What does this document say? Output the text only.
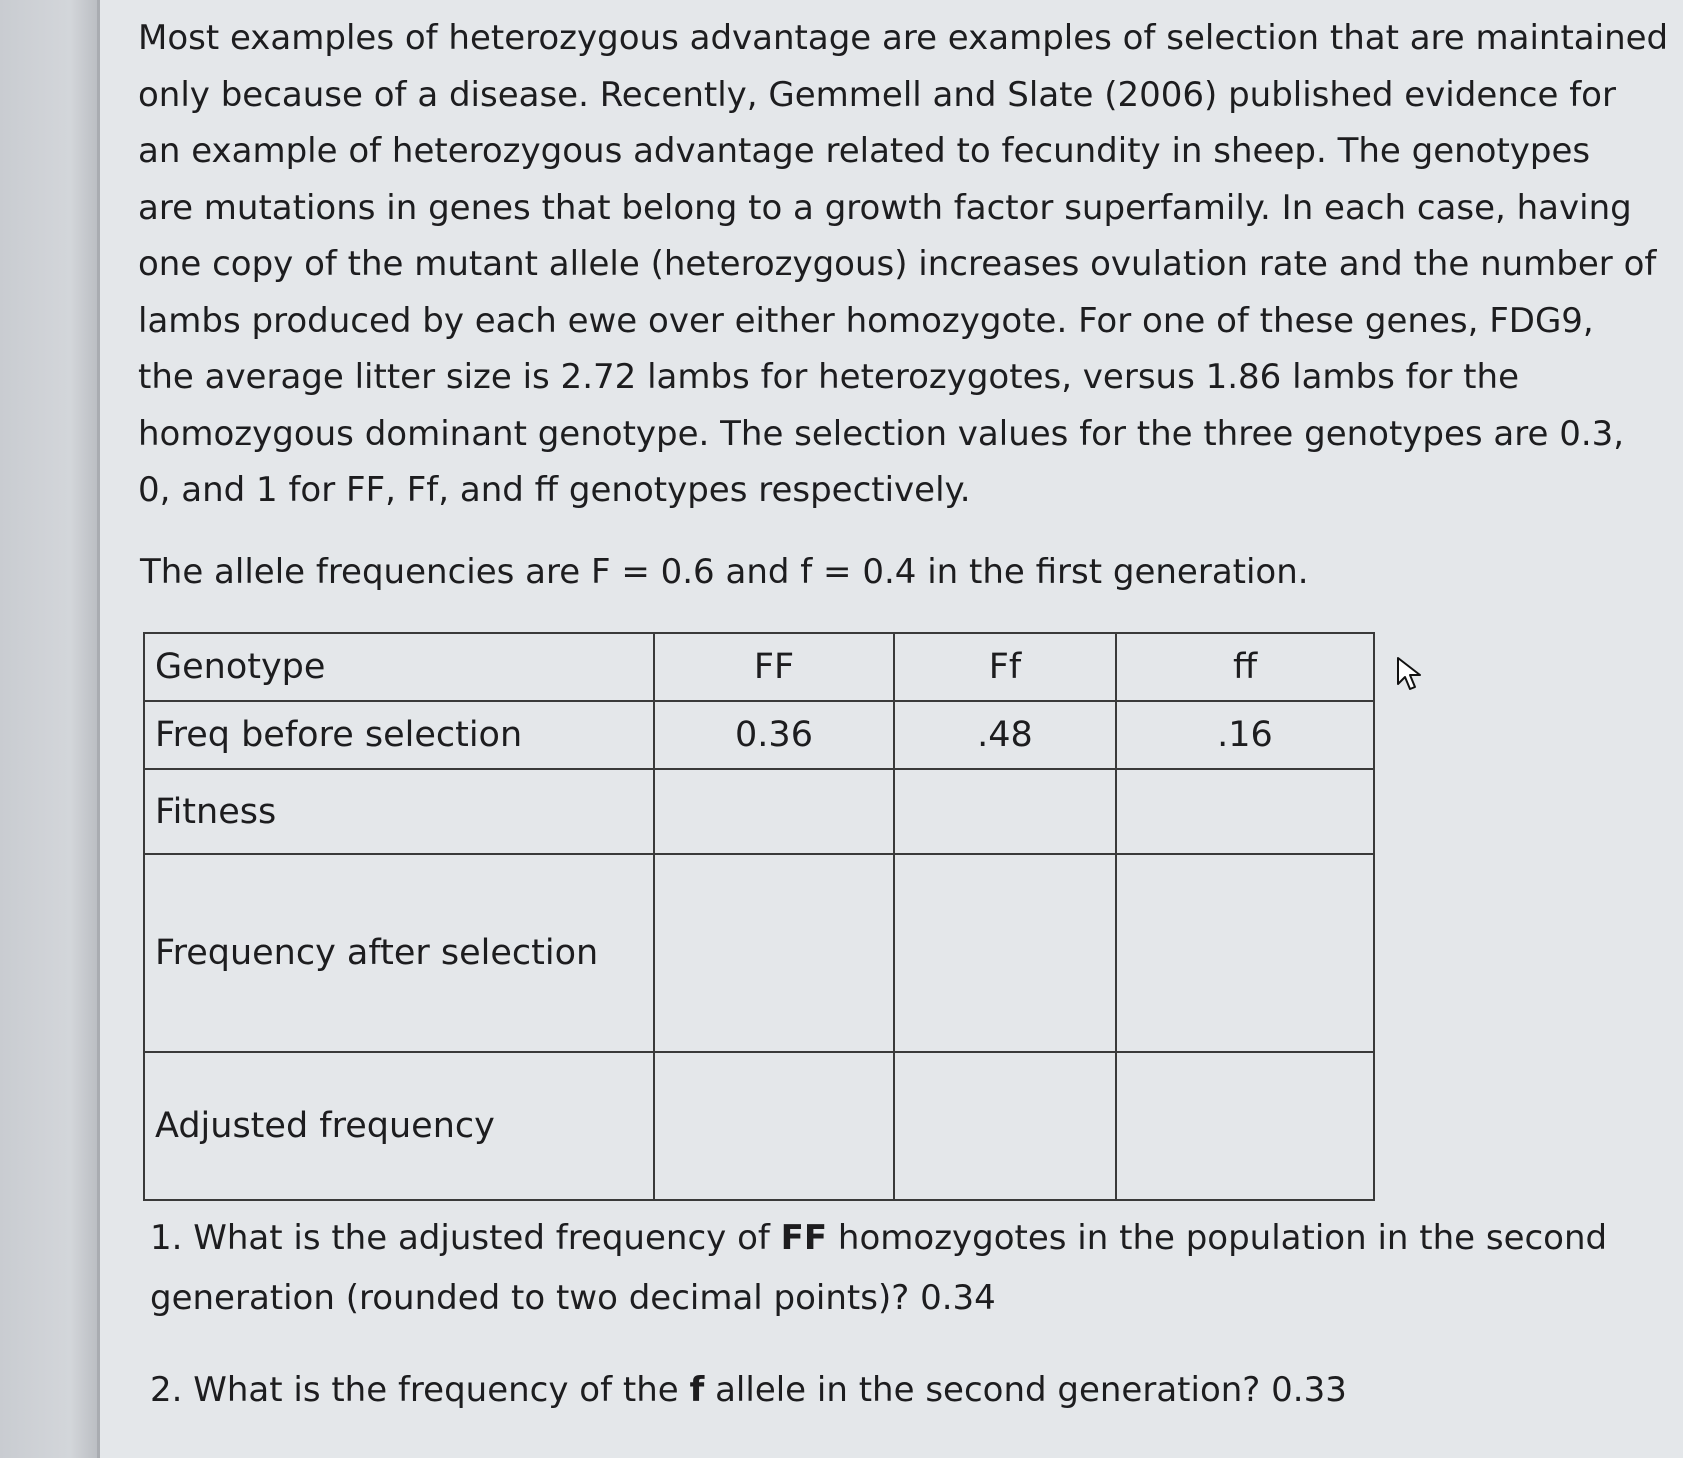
Most examples of heterozygous advantage are examples of selection that are maintained
only because of a disease. Recently, Gemmell and Slate (2006) published evidence for
an example of heterozygous advantage related to fecundity in sheep. The genotypes
are mutations in genes that belong to a growth factor superfamily. In each case, having
one copy of the mutant allele (heterozygous) increases ovulation rate and the number of
lambs produced by each ewe over either homozygote. For one of these genes, FDG9,
the average litter size is 2.72 lambs for heterozygotes, versus 1.86 lambs for the
homozygous dominant genotype. The selection values for the three genotypes are 0.3,
0, and 1 for FF, Ff, and ff genotypes respectively.

The allele frequencies are F = 0.6 and f = 0.4 in the first generation.

Genotype	FF	Ff	ff
Freq before selection	0.36	.48	.16
Fitness			
Frequency after selection			
Adjusted frequency			

1. What is the adjusted frequency of FF homozygotes in the population in the second

generation (rounded to two decimal points)? 0.34

2. What is the frequency of the f allele in the second generation? 0.33
